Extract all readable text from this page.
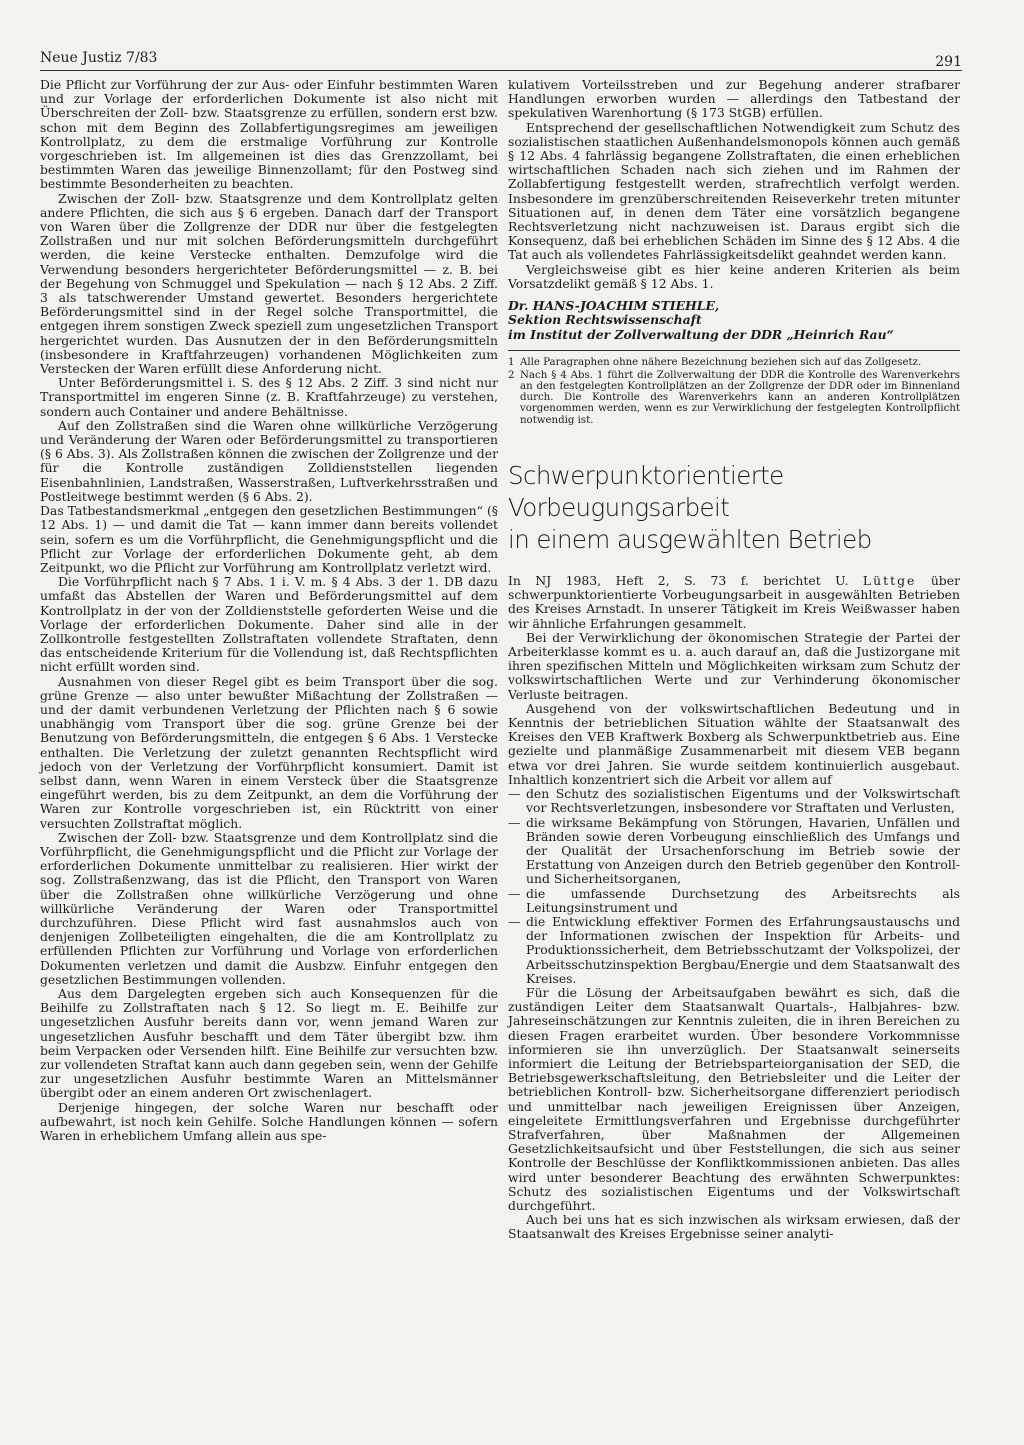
Neue Justiz 7/83	291

Die Pflicht zur Vorführung der zur Aus- oder Einfuhr bestimmten Waren und zur Vorlage der erforderlichen Dokumente ist also nicht mit Überschreiten der Zoll- bzw. Staatsgrenze zu erfüllen, sondern erst bzw. schon mit dem Beginn des Zollabfertigungsregimes am jeweiligen Kontrollplatz, zu dem die erstmalige Vorführung zur Kontrolle vorgeschrieben ist. Im allgemeinen ist dies das Grenzzollamt, bei bestimmten Waren das jeweilige Binnenzollamt; für den Postweg sind bestimmte Besonderheiten zu beachten.

Zwischen der Zoll- bzw. Staatsgrenze und dem Kontrollplatz gelten andere Pflichten, die sich aus § 6 ergeben. Danach darf der Transport von Waren über die Zollgrenze der DDR nur über die festgelegten Zollstraßen und nur mit solchen Beförderungsmitteln durchgeführt werden, die keine Verstecke enthalten. Demzufolge wird die Verwendung besonders hergerichteter Beförderungsmittel — z. B. bei der Begehung von Schmuggel und Spekulation — nach § 12 Abs. 2 Ziff. 3 als tatschwerender Umstand gewertet. Besonders hergerichtete Beförderungsmittel sind in der Regel solche Transportmittel, die entgegen ihrem sonstigen Zweck speziell zum ungesetzlichen Transport hergerichtet wurden. Das Ausnutzen der in den Beförderungsmitteln (insbesondere in Kraftfahrzeugen) vorhandenen Möglichkeiten zum Verstecken der Waren erfüllt diese Anforderung nicht.

Unter Beförderungsmittel i. S. des § 12 Abs. 2 Ziff. 3 sind nicht nur Transportmittel im engeren Sinne (z. B. Kraftfahrzeuge) zu verstehen, sondern auch Container und andere Behältnisse.

Auf den Zollstraßen sind die Waren ohne willkürliche Verzögerung und Veränderung der Waren oder Beförderungsmittel zu transportieren (§ 6 Abs. 3). Als Zollstraßen können die zwischen der Zollgrenze und der für die Kontrolle zuständigen Zolldienststellen liegenden Eisenbahnlinien, Landstraßen, Wasserstraßen, Luftverkehrsstraßen und Postleitwege bestimmt werden (§ 6 Abs. 2).

Das Tatbestandsmerkmal „entgegen den gesetzlichen Bestimmungen“ (§ 12 Abs. 1) — und damit die Tat — kann immer dann bereits vollendet sein, sofern es um die Vorführpflicht, die Genehmigungspflicht und die Pflicht zur Vorlage der erforderlichen Dokumente geht, ab dem Zeitpunkt, wo die Pflicht zur Vorführung am Kontrollplatz verletzt wird.

Die Vorführpflicht nach § 7 Abs. 1 i. V. m. § 4 Abs. 3 der 1. DB dazu umfaßt das Abstellen der Waren und Beförderungsmittel auf dem Kontrollplatz in der von der Zolldienststelle geforderten Weise und die Vorlage der erforderlichen Dokumente. Daher sind alle in der Zollkontrolle festgestellten Zollstraftaten vollendete Straftaten, denn das entscheidende Kriterium für die Vollendung ist, daß Rechtspflichten nicht erfüllt worden sind.

Ausnahmen von dieser Regel gibt es beim Transport über die sog. grüne Grenze — also unter bewußter Mißachtung der Zollstraßen — und der damit verbundenen Verletzung der Pflichten nach § 6 sowie unabhängig vom Transport über die sog. grüne Grenze bei der Benutzung von Beförderungsmitteln, die entgegen § 6 Abs. 1 Verstecke enthalten. Die Verletzung der zuletzt genannten Rechtspflicht wird jedoch von der Verletzung der Vorführpflicht konsumiert. Damit ist selbst dann, wenn Waren in einem Versteck über die Staatsgrenze eingeführt werden, bis zu dem Zeitpunkt, an dem die Vorführung der Waren zur Kontrolle vorgeschrieben ist, ein Rücktritt von einer versuchten Zollstraftat möglich.

Zwischen der Zoll- bzw. Staatsgrenze und dem Kontrollplatz sind die Vorführpflicht, die Genehmigungspflicht und die Pflicht zur Vorlage der erforderlichen Dokumente unmittelbar zu realisieren. Hier wirkt der sog. Zollstraßenzwang, das ist die Pflicht, den Transport von Waren über die Zollstraßen ohne willkürliche Verzögerung und ohne willkürliche Veränderung der Waren oder Transportmittel durchzuführen. Diese Pflicht wird fast ausnahmslos auch von denjenigen Zollbeteiligten eingehalten, die die am Kontrollplatz zu erfüllenden Pflichten zur Vorführung und Vorlage von erforderlichen Dokumenten verletzen und damit die Ausbzw. Einfuhr entgegen den gesetzlichen Bestimmungen vollenden.

Aus dem Dargelegten ergeben sich auch Konsequenzen für die Beihilfe zu Zollstraftaten nach § 12. So liegt m. E. Beihilfe zur ungesetzlichen Ausfuhr bereits dann vor, wenn jemand Waren zur ungesetzlichen Ausfuhr beschafft und dem Täter übergibt bzw. ihm beim Verpacken oder Versenden hilft. Eine Beihilfe zur versuchten bzw. zur vollendeten Straftat kann auch dann gegeben sein, wenn der Gehilfe zur ungesetzlichen Ausfuhr bestimmte Waren an Mittelsmänner übergibt oder an einem anderen Ort zwischenlagert.

Derjenige hingegen, der solche Waren nur beschafft oder aufbewahrt, ist noch kein Gehilfe. Solche Handlungen können — sofern Waren in erheblichem Umfang allein aus spe-

kulativem Vorteilsstreben und zur Begehung anderer strafbarer Handlungen erworben wurden — allerdings den Tatbestand der spekulativen Warenhortung (§ 173 StGB) erfüllen.

Entsprechend der gesellschaftlichen Notwendigkeit zum Schutz des sozialistischen staatlichen Außenhandelsmonopols können auch gemäß § 12 Abs. 4 fahrlässig begangene Zollstraftaten, die einen erheblichen wirtschaftlichen Schaden nach sich ziehen und im Rahmen der Zollabfertigung festgestellt werden, strafrechtlich verfolgt werden. Insbesondere im grenzüberschreitenden Reiseverkehr treten mitunter Situationen auf, in denen dem Täter eine vorsätzlich begangene Rechtsverletzung nicht nachzuweisen ist. Daraus ergibt sich die Konsequenz, daß bei erheblichen Schäden im Sinne des § 12 Abs. 4 die Tat auch als vollendetes Fahrlässigkeitsdelikt geahndet werden kann.

Vergleichsweise gibt es hier keine anderen Kriterien als beim Vorsatzdelikt gemäß § 12 Abs. 1.

Dr. HANS-JOACHIM STIEHLE,
Sektion Rechtswissenschaft
im Institut der Zollverwaltung der DDR „Heinrich Rau“
1 Alle Paragraphen ohne nähere Bezeichnung beziehen sich auf das Zollgesetz.
2 Nach § 4 Abs. 1 führt die Zollverwaltung der DDR die Kontrolle des Warenverkehrs an den festgelegten Kontrollplätzen an der Zollgrenze der DDR oder im Binnenland durch. Die Kontrolle des Warenverkehrs kann an anderen Kontrollplätzen vorgenommen werden, wenn es zur Verwirklichung der festgelegten Kontrollpflicht notwendig ist.
Schwerpunktorientierte Vorbeugungsarbeit
in einem ausgewählten Betrieb

In NJ 1983, Heft 2, S. 73 f. berichtet U. Lüttge über schwerpunktorientierte Vorbeugungsarbeit in ausgewählten Betrieben des Kreises Arnstadt. In unserer Tätigkeit im Kreis Weißwasser haben wir ähnliche Erfahrungen gesammelt.

Bei der Verwirklichung der ökonomischen Strategie der Partei der Arbeiterklasse kommt es u. a. auch darauf an, daß die Justizorgane mit ihren spezifischen Mitteln und Möglichkeiten wirksam zum Schutz der volkswirtschaftlichen Werte und zur Verhinderung ökonomischer Verluste beitragen.

Ausgehend von der volkswirtschaftlichen Bedeutung und in Kenntnis der betrieblichen Situation wählte der Staatsanwalt des Kreises den VEB Kraftwerk Boxberg als Schwerpunktbetrieb aus. Eine gezielte und planmäßige Zusammenarbeit mit diesem VEB begann etwa vor drei Jahren. Sie wurde seitdem kontinuierlich ausgebaut. Inhaltlich konzentriert sich die Arbeit vor allem auf

— den Schutz des sozialistischen Eigentums und der Volkswirtschaft vor Rechtsverletzungen, insbesondere vor Straftaten und Verlusten,
— die wirksame Bekämpfung von Störungen, Havarien, Unfällen und Bränden sowie deren Vorbeugung einschließlich des Umfangs und der Qualität der Ursachenforschung im Betrieb sowie der Erstattung von Anzeigen durch den Betrieb gegenüber den Kontroll- und Sicherheitsorganen,
— die umfassende Durchsetzung des Arbeitsrechts als Leitungsinstrument und
— die Entwicklung effektiver Formen des Erfahrungsaustauschs und der Informationen zwischen der Inspektion für Arbeits- und Produktionssicherheit, dem Betriebsschutzamt der Volkspolizei, der Arbeitsschutzinspektion Bergbau/Energie und dem Staatsanwalt des Kreises.

Für die Lösung der Arbeitsaufgaben bewährt es sich, daß die zuständigen Leiter dem Staatsanwalt Quartals-, Halbjahres- bzw. Jahreseinschätzungen zur Kenntnis zuleiten, die in ihren Bereichen zu diesen Fragen erarbeitet wurden. Über besondere Vorkommnisse informieren sie ihn unverzüglich. Der Staatsanwalt seinerseits informiert die Leitung der Betriebsparteiorganisation der SED, die Betriebsgewerkschaftsleitung, den Betriebsleiter und die Leiter der betrieblichen Kontroll- bzw. Sicherheitsorgane differenziert periodisch und unmittelbar nach jeweiligen Ereignissen über Anzeigen, eingeleitete Ermittlungsverfahren und Ergebnisse durchgeführter Strafverfahren, über Maßnahmen der Allgemeinen Gesetzlichkeitsaufsicht und über Feststellungen, die sich aus seiner Kontrolle der Beschlüsse der Konfliktkommissionen anbieten. Das alles wird unter besonderer Beachtung des erwähnten Schwerpunktes: Schutz des sozialistischen Eigentums und der Volkswirtschaft durchgeführt.

Auch bei uns hat es sich inzwischen als wirksam erwiesen, daß der Staatsanwalt des Kreises Ergebnisse seiner analyti-
